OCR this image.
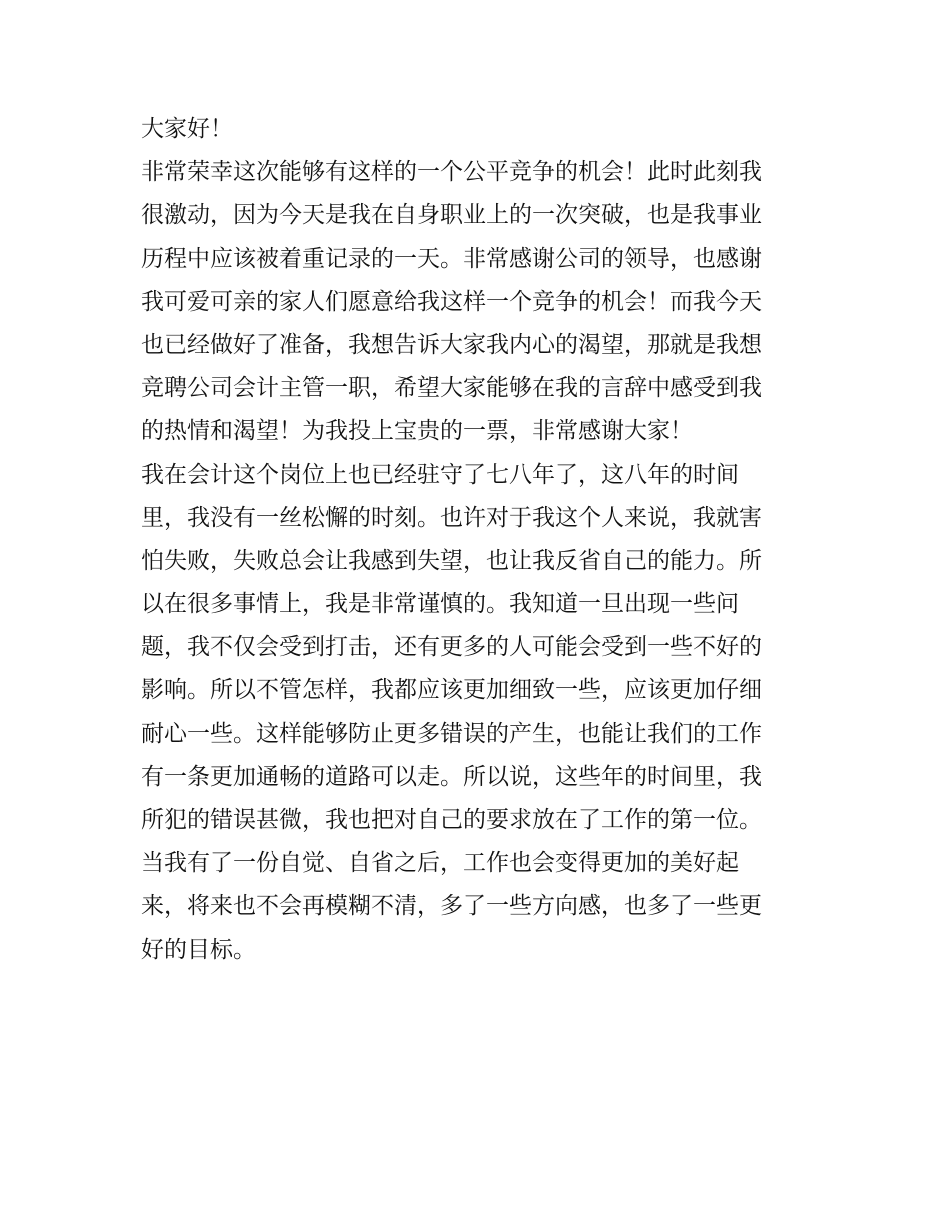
大家好！
非常荣幸这次能够有这样的一个公平竞争的机会！此时此刻我
很激动，因为今天是我在自身职业上的一次突破，也是我事业
历程中应该被着重记录的一天。非常感谢公司的领导，也感谢
我可爱可亲的家人们愿意给我这样一个竞争的机会！而我今天
也已经做好了准备，我想告诉大家我内心的渴望，那就是我想
竞聘公司会计主管一职，希望大家能够在我的言辞中感受到我
的热情和渴望！为我投上宝贵的一票，非常感谢大家！
我在会计这个岗位上也已经驻守了七八年了，这八年的时间
里，我没有一丝松懈的时刻。也许对于我这个人来说，我就害
怕失败，失败总会让我感到失望，也让我反省自己的能力。所
以在很多事情上，我是非常谨慎的。我知道一旦出现一些问
题，我不仅会受到打击，还有更多的人可能会受到一些不好的
影响。所以不管怎样，我都应该更加细致一些，应该更加仔细
耐心一些。这样能够防止更多错误的产生，也能让我们的工作
有一条更加通畅的道路可以走。所以说，这些年的时间里，我
所犯的错误甚微，我也把对自己的要求放在了工作的第一位。
当我有了一份自觉、自省之后，工作也会变得更加的美好起
来，将来也不会再模糊不清，多了一些方向感，也多了一些更
好的目标。
